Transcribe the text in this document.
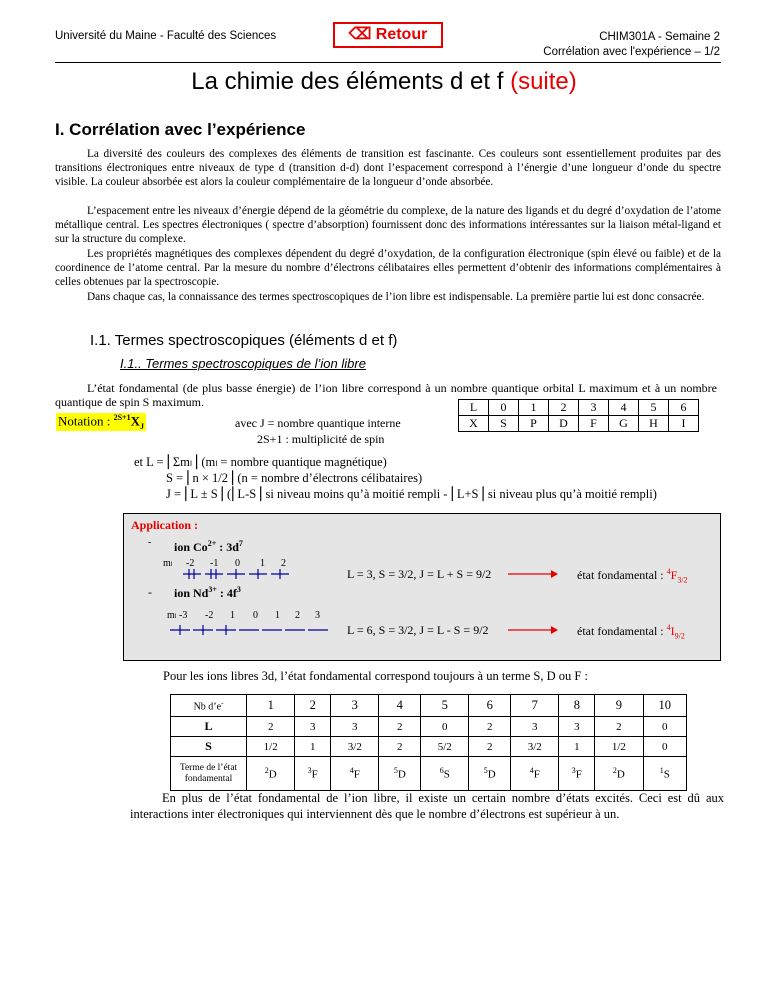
Université du Maine - Faculté des Sciences	⌫ Retour	CHIM301A - Semaine 2
Corrélation avec l'expérience – 1/2
La chimie des éléments d et f (suite)
I. Corrélation avec l’expérience
La diversité des couleurs des complexes des éléments de transition est fascinante. Ces couleurs sont essentiellement produites par des transitions électroniques entre niveaux de type d (transition d-d) dont l’espacement correspond à l’énergie d’une longueur d’onde du spectre visible. La couleur absorbée est alors la couleur complémentaire de la longueur d’onde absorbée.
L’espacement entre les niveaux d’énergie dépend de la géométrie du complexe, de la nature des ligands et du degré d’oxydation de l’atome métallique central. Les spectres électroniques ( spectre d’absorption) fournissent donc des informations intéressantes sur la liaison métal-ligand et sur la structure du complexe.
Les propriétés magnétiques des complexes dépendent du degré d’oxydation, de la configuration électronique (spin élevé ou faible) et de la coordinence de l’atome central. Par la mesure du nombre d’électrons célibataires elles permettent d’obtenir des informations complémentaires à celles obtenues par la spectroscopie.
Dans chaque cas, la connaissance des termes spectroscopiques de l’ion libre est indispensable. La première partie lui est donc consacrée.
I.1. Termes spectroscopiques (éléments d et f)
I.1.. Termes spectroscopiques de l’ion libre
L’état fondamental (de plus basse énergie) de l’ion libre correspond à un nombre quantique orbital L maximum et à un nombre quantique de spin S maximum.
Notation : $^{2S+1}X_J$	avec J = nombre quantique interne
2S+1 : multiplicité de spin
L	0	1	2	3	4	5	6
X	S	P	D	F	G	H	I
et L = ⎢Σmₗ⎥ (mₗ = nombre quantique magnétique)
S = ⎢n × 1/2⎥ (n = nombre d’électrons célibataires)
J = ⎢L ± S⎥ (⎢L-S⎥ si niveau moins qu’à moitié rempli - ⎢L+S⎥ si niveau plus qu’à moitié rempli)
Application :
- ion $Co^{2+}$ : $3d^7$
mₗ -2 -1 0 1 2
L = 3, S = 3/2, J = L + S = 9/2	état fondamental : $^4F_{3/2}$
- ion $Nd^{3+}$ : $4f^3$
mₗ -3 -2 1 0 1 2 3
L = 6, S = 3/2, J = L - S = 9/2	état fondamental : $^4I_{9/2}$
Pour les ions libres 3d, l’état fondamental correspond toujours à un terme S, D ou F :
Nb d’e-	1	2	3	4	5	6	7	8	9	10
L	2	3	3	2	0	2	3	3	2	0
S	1/2	1	3/2	2	5/2	2	3/2	1	1/2	0
Terme de l’état fondamental	$^2$D	$^3$F	$^4$F	$^5$D	$^6$S	$^5$D	$^4$F	$^3$F	$^2$D	$^1$S
En plus de l’état fondamental de l’ion libre, il existe un certain nombre d’états excités. Ceci est dû aux interactions inter électroniques qui interviennent dès que le nombre d’électrons est supérieur à un.
